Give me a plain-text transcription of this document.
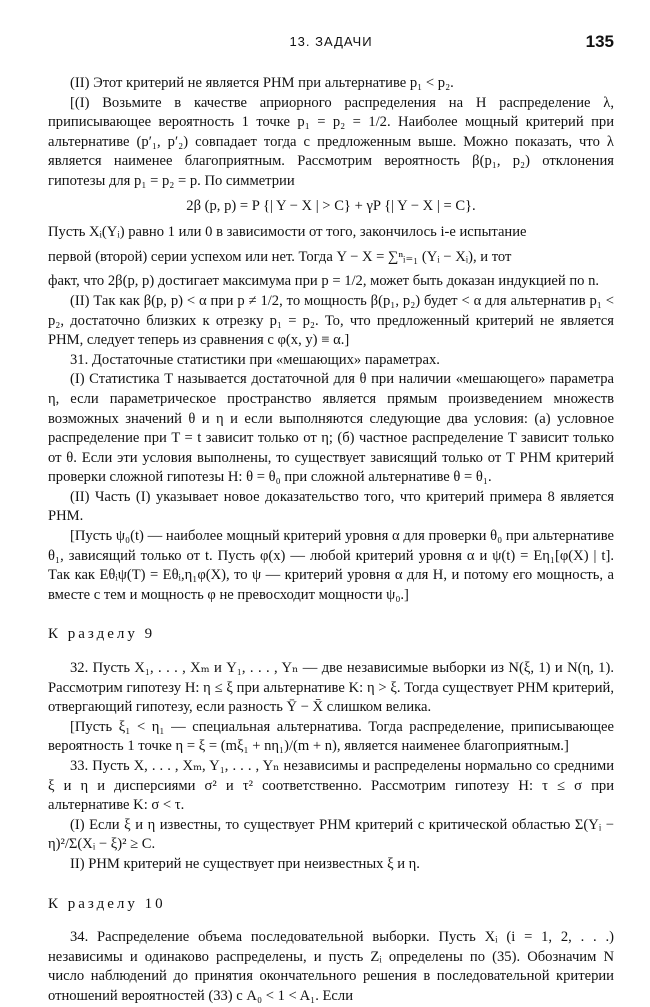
13. ЗАДАЧИ	135

(II) Этот критерий не является РНМ при альтернативе p₁ < p₂.

[(I) Возьмите в качестве априорного распределения на H распределение λ, приписывающее вероятность 1 точке p₁ = p₂ = 1/2. Наиболее мощный критерий при альтернативе (p′₁, p′₂) совпадает тогда с предложенным выше. Можно показать, что λ является наименее благоприятным. Рассмотрим вероятность β(p₁, p₂) отклонения гипотезы для p₁ = p₂ = p. По симметрии

2β (p, p) = P {| Y − X | > C} + γP {| Y − X | = C}.

Пусть Xᵢ(Yᵢ) равно 1 или 0 в зависимости от того, закончилось i-е испытание

первой (второй) серии успехом или нет. Тогда Y − X = ∑ⁿᵢ₌₁ (Yᵢ − Xᵢ), и тот

факт, что 2β(p, p) достигает максимума при p = 1/2, может быть доказан индукцией по n.

(II) Так как β(p, p) < α при p ≠ 1/2, то мощность β(p₁, p₂) будет < α для альтернатив p₁ < p₂, достаточно близких к отрезку p₁ = p₂. То, что предложенный критерий не является РНМ, следует теперь из сравнения с φ(x, y) ≡ α.]

31. Достаточные статистики при «мешающих» параметрах.

(I) Статистика T называется достаточной для θ при наличии «мешающего» параметра η, если параметрическое пространство является прямым произведением множеств возможных значений θ и η и если выполняются следующие два условия: (а) условное распределение при T = t зависит только от η; (б) частное распределение T зависит только от θ. Если эти условия выполнены, то существует зависящий только от T РНМ критерий проверки сложной гипотезы H: θ = θ₀ при сложной альтернативе θ = θ₁.

(II) Часть (I) указывает новое доказательство того, что критерий примера 8 является РНМ.

[Пусть ψ₀(t) — наиболее мощный критерий уровня α для проверки θ₀ при альтернативе θ₁, зависящий только от t. Пусть φ(x) — любой критерий уровня α и ψ(t) = Eη₁[φ(X) | t]. Так как Eθᵢψ(T) = Eθᵢ,η₁φ(X), то ψ — критерий уровня α для H, и потому его мощность, а вместе с тем и мощность φ не превосходит мощности ψ₀.]

К разделу 9

32. Пусть X₁, . . . , Xₘ и Y₁, . . . , Yₙ — две независимые выборки из N(ξ, 1) и N(η, 1). Рассмотрим гипотезу H: η ≤ ξ при альтернативе K: η > ξ. Тогда существует РНМ критерий, отвергающий гипотезу, если разность Ȳ − X̄ слишком велика.

[Пусть ξ₁ < η₁ — специальная альтернатива. Тогда распределение, приписывающее вероятность 1 точке η = ξ = (mξ₁ + nη₁)/(m + n), является наименее благоприятным.]

33. Пусть X, . . . , Xₘ, Y₁, . . . , Yₙ независимы и распределены нормально со средними ξ и η и дисперсиями σ² и τ² соответственно. Рассмотрим гипотезу H: τ ≤ σ при альтернативе K: σ < τ.

(I) Если ξ и η известны, то существует РНМ критерий с критической областью Σ(Yᵢ − η)²/Σ(Xᵢ − ξ)² ≥ C.

II) РНМ критерий не существует при неизвестных ξ и η.

К разделу 10

34. Распределение объема последовательной выборки. Пусть Xᵢ (i = 1, 2, . . .) независимы и одинаково распределены, и пусть Zᵢ определены по (35). Обозначим N число наблюдений до принятия окончательного решения в последовательной критерии отношений вероятностей (33) с A₀ < 1 < A₁. Если
